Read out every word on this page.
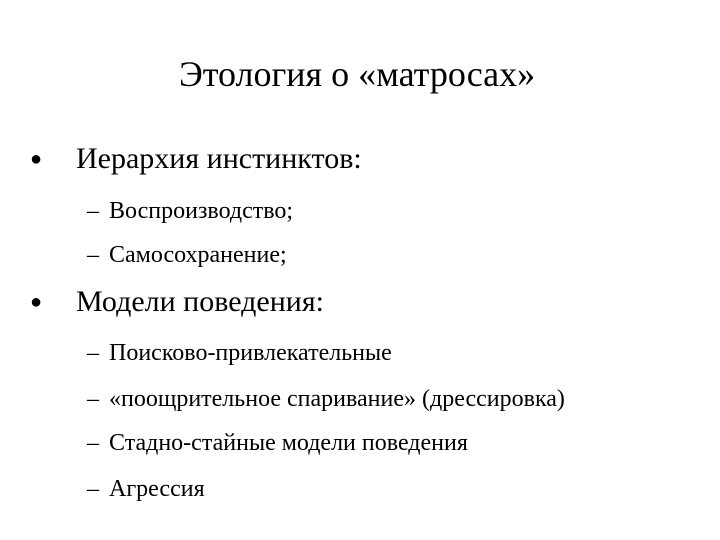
Этология о «матросах»
● Иерархия инстинктов:
– Воспроизводство;
– Самосохранение;
● Модели поведения:
– Поисково-привлекательные
– «поощрительное спаривание» (дрессировка)
– Стадно-стайные модели поведения
– Агрессия
